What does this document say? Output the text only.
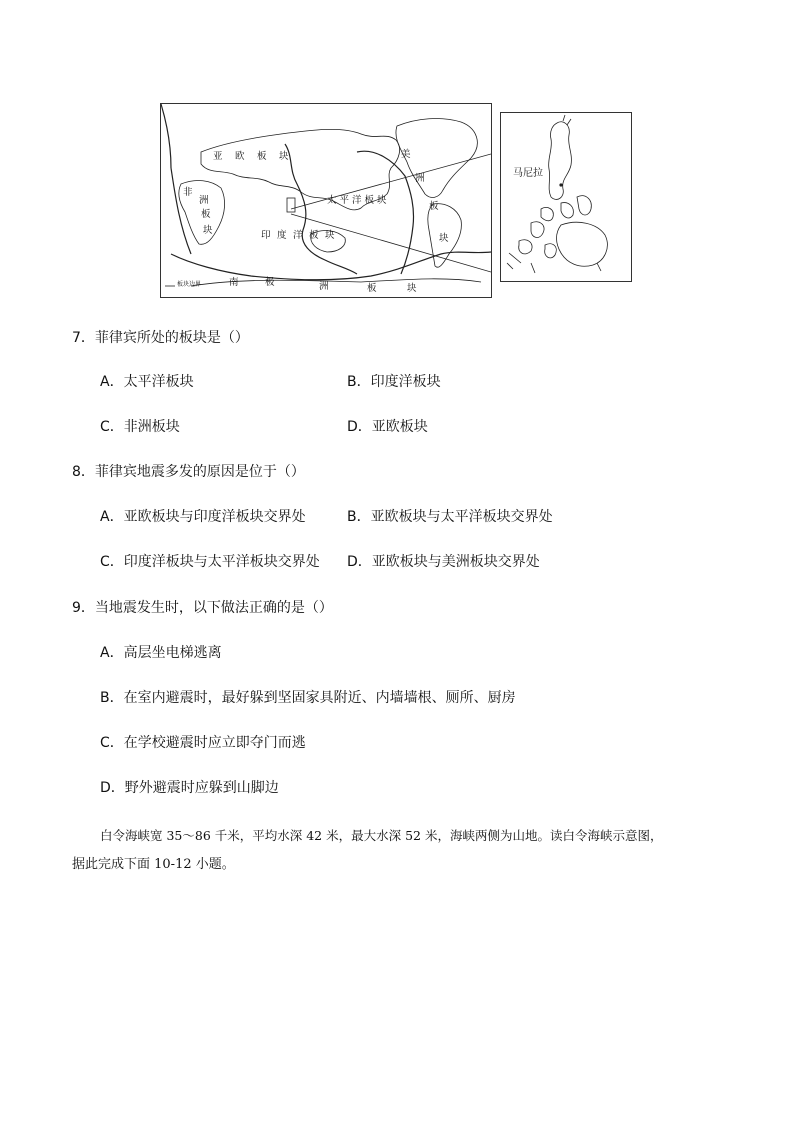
亚 欧 板 块
非
洲
板
块
太平洋板块
印 度 洋 板 块
美
洲
板
块
南	极	洲	板	块
板块边界
马尼拉
7．菲律宾所处的板块是（）
A．太平洋板块	B．印度洋板块
C．非洲板块	D．亚欧板块
8．菲律宾地震多发的原因是位于（）
A．亚欧板块与印度洋板块交界处	B．亚欧板块与太平洋板块交界处
C．印度洋板块与太平洋板块交界处 D．亚欧板块与美洲板块交界处
9．当地震发生时，以下做法正确的是（）
A．高层坐电梯逃离
B．在室内避震时，最好躲到坚固家具附近、内墙墙根、厕所、厨房
C．在学校避震时应立即夺门而逃
D．野外避震时应躲到山脚边
白令海峡宽 35～86 千米，平均水深 42 米，最大水深 52 米，海峡两侧为山地。读白令海峡示意图，
据此完成下面 10-12 小题。
